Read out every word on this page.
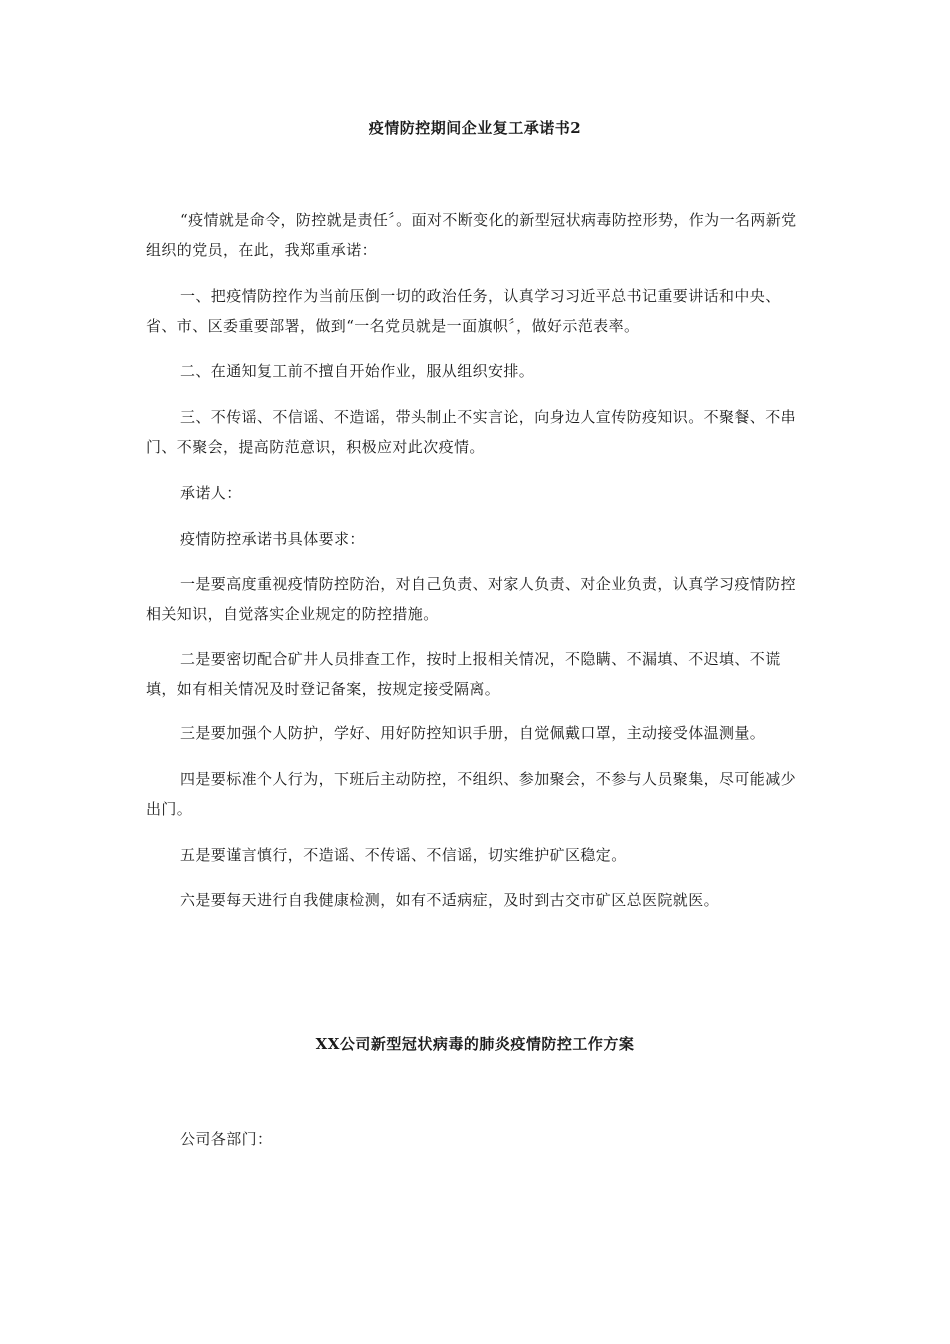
疫情防控期间企业复工承诺书2

“疫情就是命令，防控就是责任〞。面对不断变化的新型冠状病毒防控形势，作为一名两新党组织的党员，在此，我郑重承诺：

一、把疫情防控作为当前压倒一切的政治任务，认真学习习近平总书记重要讲话和中央、省、市、区委重要部署，做到“一名党员就是一面旗帜〞，做好示范表率。

二、在通知复工前不擅自开始作业，服从组织安排。

三、不传谣、不信谣、不造谣，带头制止不实言论，向身边人宣传防疫知识。不聚餐、不串门、不聚会，提高防范意识，积极应对此次疫情。

承诺人：

疫情防控承诺书具体要求：

一是要高度重视疫情防控防治，对自己负责、对家人负责、对企业负责，认真学习疫情防控相关知识，自觉落实企业规定的防控措施。

二是要密切配合矿井人员排查工作，按时上报相关情况，不隐瞒、不漏填、不迟填、不谎填，如有相关情况及时登记备案，按规定接受隔离。

三是要加强个人防护，学好、用好防控知识手册，自觉佩戴口罩，主动接受体温测量。

四是要标准个人行为，下班后主动防控，不组织、参加聚会，不参与人员聚集，尽可能减少出门。

五是要谨言慎行，不造谣、不传谣、不信谣，切实维护矿区稳定。

六是要每天进行自我健康检测，如有不适病症，及时到古交市矿区总医院就医。

XX公司新型冠状病毒的肺炎疫情防控工作方案

公司各部门：
